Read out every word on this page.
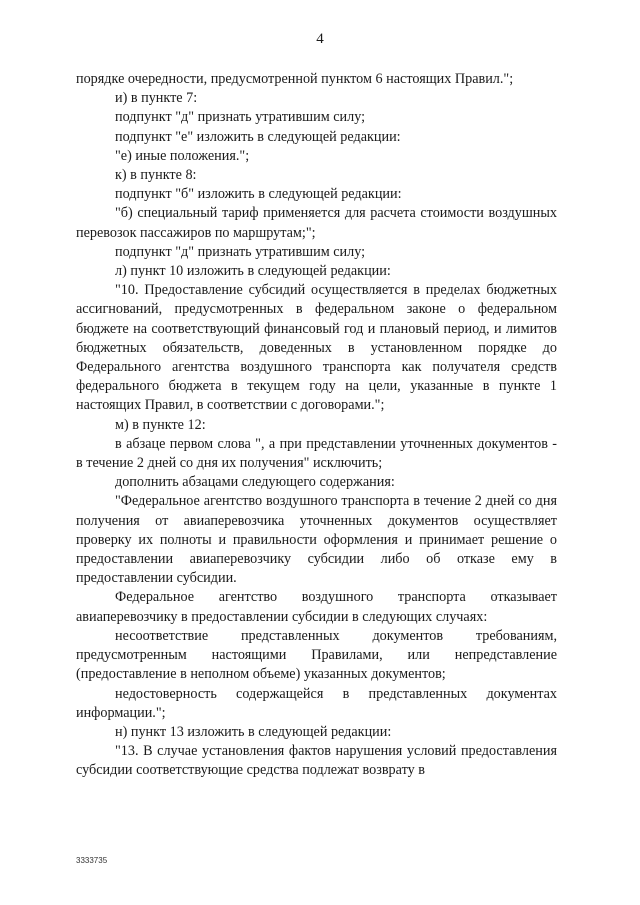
4

порядке очередности, предусмотренной пунктом 6 настоящих Правил.";

и) в пункте 7:

подпункт "д" признать утратившим силу;

подпункт "е" изложить в следующей редакции:

"е) иные положения.";

к) в пункте 8:

подпункт "б" изложить в следующей редакции:

"б) специальный тариф применяется для расчета стоимости воздушных перевозок пассажиров по маршрутам;";

подпункт "д" признать утратившим силу;

л) пункт 10 изложить в следующей редакции:

"10. Предоставление субсидий осуществляется в пределах бюджетных ассигнований, предусмотренных в федеральном законе о федеральном бюджете на соответствующий финансовый год и плановый период, и лимитов бюджетных обязательств, доведенных в установленном порядке до Федерального агентства воздушного транспорта как получателя средств федерального бюджета в текущем году на цели, указанные в пункте 1 настоящих Правил, в соответствии с договорами.";

м) в пункте 12:

в абзаце первом слова ", а при представлении уточненных документов - в течение 2 дней со дня их получения" исключить;

дополнить абзацами следующего содержания:

"Федеральное агентство воздушного транспорта в течение 2 дней со дня получения от авиаперевозчика уточненных документов осуществляет проверку их полноты и правильности оформления и принимает решение о предоставлении авиаперевозчику субсидии либо об отказе ему в предоставлении субсидии.

Федеральное агентство воздушного транспорта отказывает авиаперевозчику в предоставлении субсидии в следующих случаях:

несоответствие представленных документов требованиям, предусмотренным настоящими Правилами, или непредставление (предоставление в неполном объеме) указанных документов;

недостоверность содержащейся в представленных документах информации.";

н) пункт 13 изложить в следующей редакции:

"13. В случае установления фактов нарушения условий предоставления субсидии соответствующие средства подлежат возврату в

3333735
